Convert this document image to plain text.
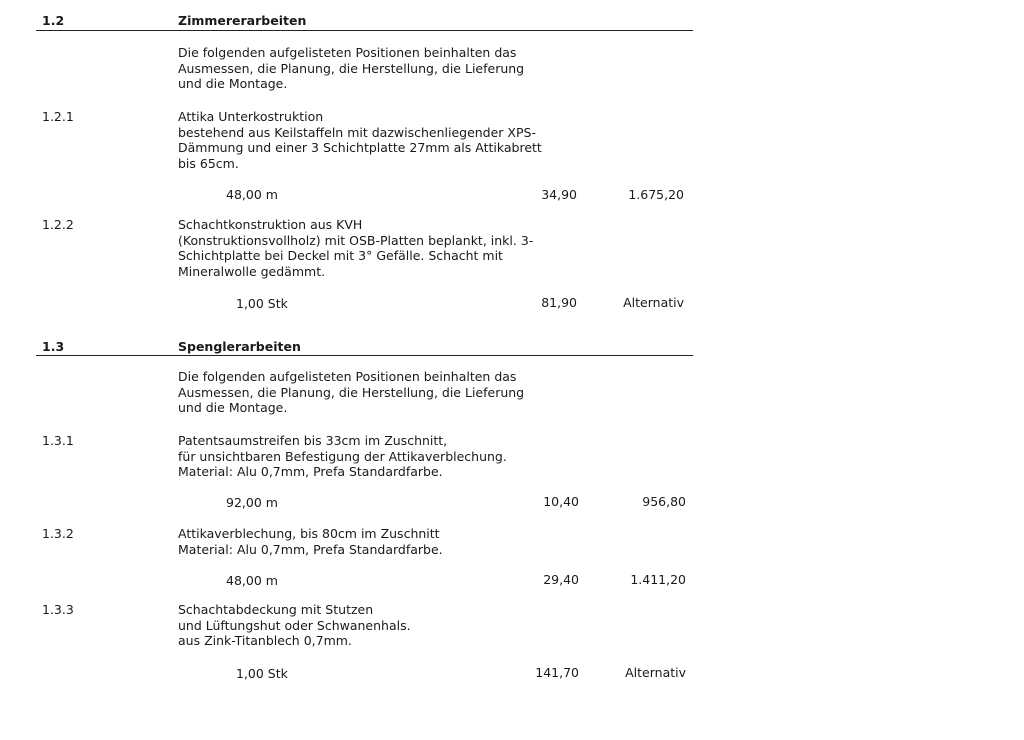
1.2	Zimmererarbeiten
Die folgenden aufgelisteten Positionen beinhalten das
Ausmessen, die Planung, die Herstellung, die Lieferung
und die Montage.
1.2.1	Attika Unterkostruktion
bestehend aus Keilstaffeln mit dazwischenliegender XPS-
Dämmung und einer 3 Schichtplatte 27mm als Attikabrett
bis 65cm.
48,00 m	34,90	1.675,20
1.2.2	Schachtkonstruktion aus KVH
(Konstruktionsvollholz) mit OSB-Platten beplankt, inkl. 3-
Schichtplatte bei Deckel mit 3° Gefälle. Schacht mit
Mineralwolle gedämmt.
1,00 Stk	81,90	Alternativ
1.3	Spenglerarbeiten
Die folgenden aufgelisteten Positionen beinhalten das
Ausmessen, die Planung, die Herstellung, die Lieferung
und die Montage.
1.3.1	Patentsaumstreifen bis 33cm im Zuschnitt,
für unsichtbaren Befestigung der Attikaverblechung.
Material: Alu 0,7mm, Prefa Standardfarbe.
92,00 m	10,40	956,80
1.3.2	Attikaverblechung, bis 80cm im Zuschnitt
Material: Alu 0,7mm, Prefa Standardfarbe.
48,00 m	29,40	1.411,20
1.3.3	Schachtabdeckung mit Stutzen
und Lüftungshut oder Schwanenhals.
aus Zink-Titanblech 0,7mm.
1,00 Stk	141,70	Alternativ
